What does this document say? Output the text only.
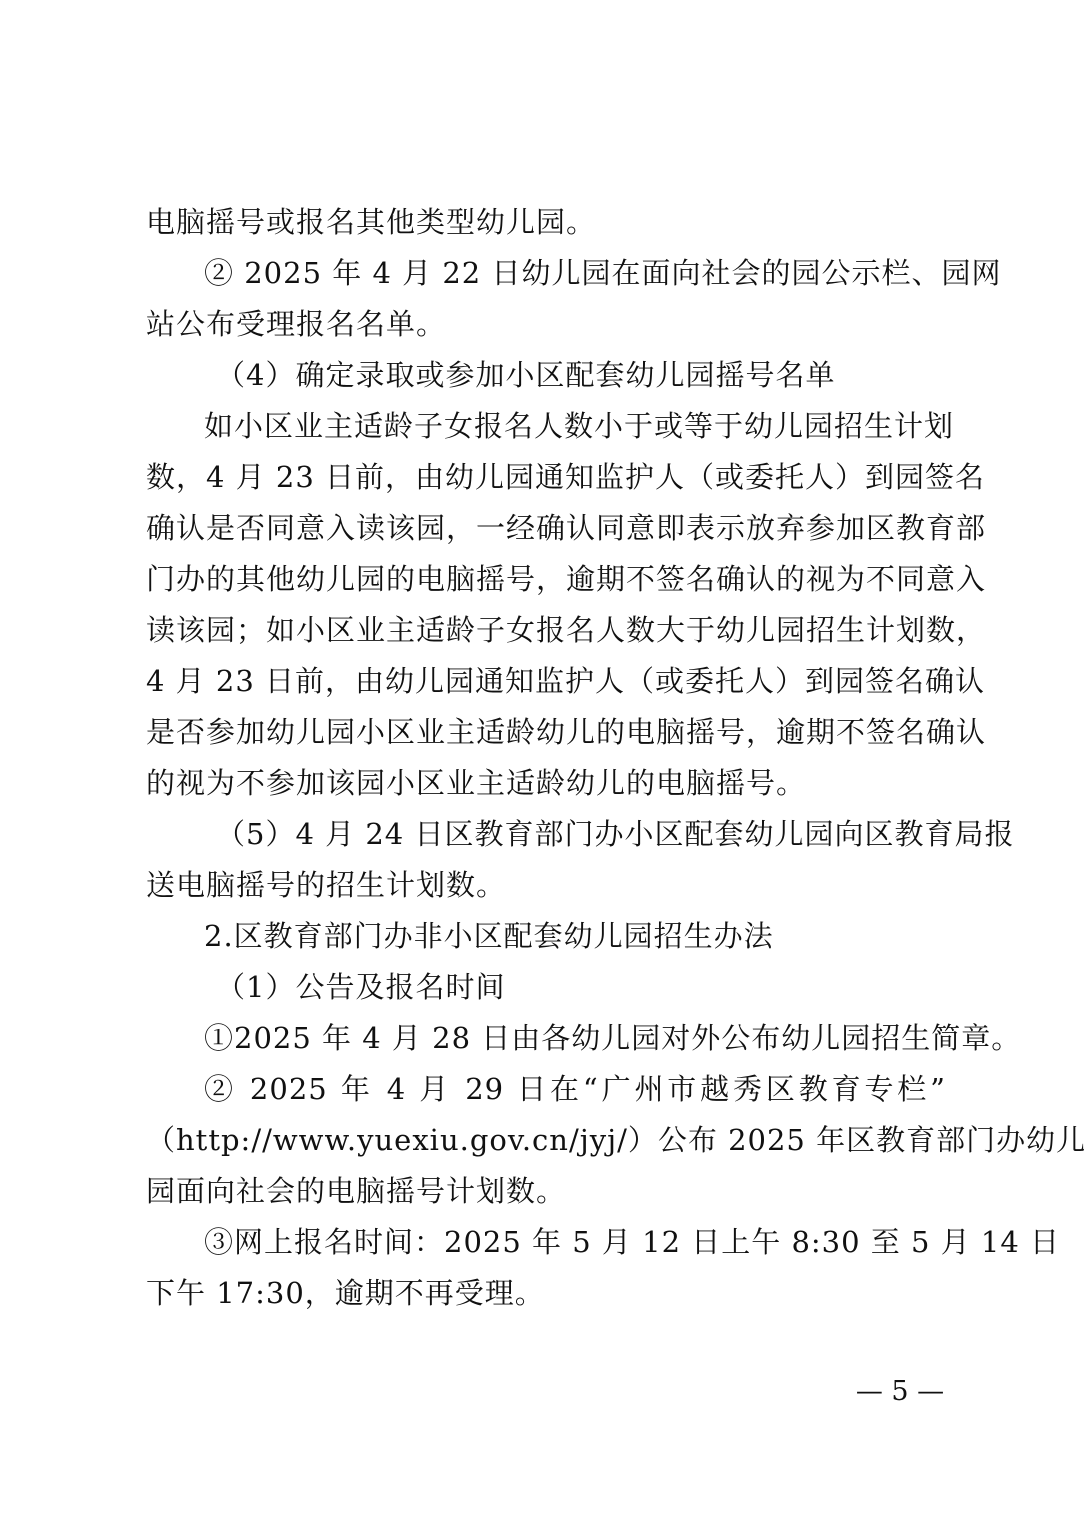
电脑摇号或报名其他类型幼儿园。
② 2025 年 4 月 22 日幼儿园在面向社会的园公示栏、园网
站公布受理报名名单。
（4）确定录取或参加小区配套幼儿园摇号名单
如小区业主适龄子女报名人数小于或等于幼儿园招生计划
数，4 月 23 日前，由幼儿园通知监护人（或委托人）到园签名
确认是否同意入读该园，一经确认同意即表示放弃参加区教育部
门办的其他幼儿园的电脑摇号，逾期不签名确认的视为不同意入
读该园；如小区业主适龄子女报名人数大于幼儿园招生计划数，
4 月 23 日前，由幼儿园通知监护人（或委托人）到园签名确认
是否参加幼儿园小区业主适龄幼儿的电脑摇号，逾期不签名确认
的视为不参加该园小区业主适龄幼儿的电脑摇号。
（5）4 月 24 日区教育部门办小区配套幼儿园向区教育局报
送电脑摇号的招生计划数。
2.区教育部门办非小区配套幼儿园招生办法
（1）公告及报名时间
①2025 年 4 月 28 日由各幼儿园对外公布幼儿园招生简章。
② 2025 年 4 月 29 日在“广州市越秀区教育专栏”
（http://www.yuexiu.gov.cn/jyj/）公布 2025 年区教育部门办幼儿
园面向社会的电脑摇号计划数。
③网上报名时间：2025 年 5 月 12 日上午 8:30 至 5 月 14 日
下午 17:30，逾期不再受理。
— 5 —
